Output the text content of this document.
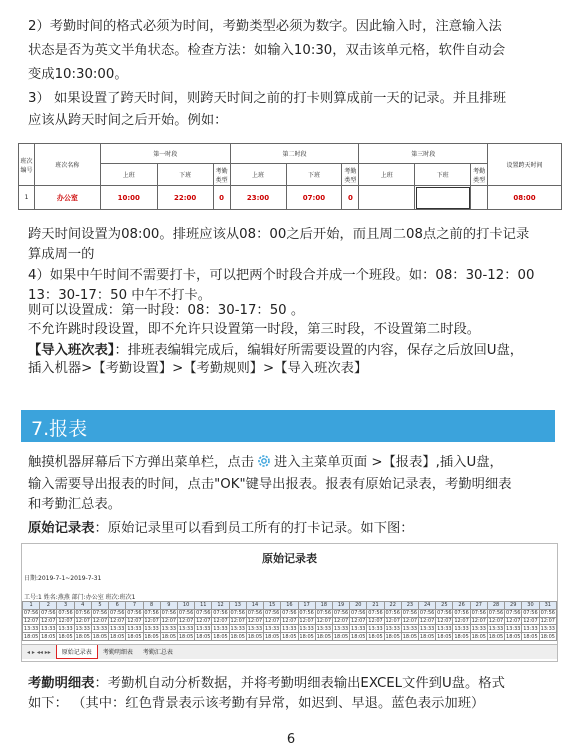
2）考勤时间的格式必须为时间，考勤类型必须为数字。因此输入时，注意输入法
状态是否为英文半角状态。检查方法：如输入10:30，双击该单元格，软件自动会
变成10:30:00。
3） 如果设置了跨天时间，则跨天时间之前的打卡则算成前一天的记录。并且排班
应该从跨天时间之后开始。例如：
班次编号	班次名称	第一时段			第二时段			第三时段			设置跨天时间
		上班	下班	考勤类型	上班	下班	考勤类型	上班	下班	考勤类型	
1	办公室	10:00	22:00	0	23:00	07:00	0				08:00
跨天时间设置为08:00。排班应该从08：00之后开始，而且周二08点之前的打卡记录
算成周一的
4）如果中午时间不需要打卡，可以把两个时段合并成一个班段。如：08：30-12：00
13：30-17：50 中午不打卡。
则可以设置成：第一时段：08：30-17：50 。
不允许跳时段设置，即不允许只设置第一时段，第三时段，不设置第二时段。
【导入班次表】：排班表编辑完成后，编辑好所需要设置的内容，保存之后放回U盘，
插入机器>【考勤设置】>【考勤规则】>【导入班次表】
7.报表
触摸机器屏幕后下方弹出菜单栏，点击 进入主菜单页面 >【报表】,插入U盘，
输入需要导出报表的时间，点击"OK"键导出报表。报表有原始记录表，考勤明细表
和考勤汇总表。
原始记录表：原始记录里可以看到员工所有的打卡记录。如下图：
原始记录表
日期:2019-7-1~2019-7-31
工号:1 姓名:燕燕 部门:办公室 班次:班次1
1	2	3	4	5	6	7	8	9	10	11	12	13	14	15	16	17	18	19	20	21	22	23	24	25	26	27	28	29	30	31
07:56	07:56	07:56	07:56	07:56	07:56	07:56	07:56	07:56	07:56	07:56	07:56	07:56	07:56	07:56	07:56	07:56	07:56	07:56	07:56	07:56	07:56	07:56	07:56	07:56	07:56	07:56	07:56	07:56	07:56	07:56
12:07	12:07	12:07	12:07	12:07	12:07	12:07	12:07	12:07	12:07	12:07	12:07	12:07	12:07	12:07	12:07	12:07	12:07	12:07	12:07	12:07	12:07	12:07	12:07	12:07	12:07	12:07	12:07	12:07	12:07	12:07
13:33	13:33	13:33	13:33	13:33	13:33	13:33	13:33	13:33	13:33	13:33	13:33	13:33	13:33	13:33	13:33	13:33	13:33	13:33	13:33	13:33	13:33	13:33	13:33	13:33	13:33	13:33	13:33	13:33	13:33	13:33
18:05	18:05	18:05	18:05	18:05	18:05	18:05	18:05	18:05	18:05	18:05	18:05	18:05	18:05	18:05	18:05	18:05	18:05	18:05	18:05	18:05	18:05	18:05	18:05	18:05	18:05	18:05	18:05	18:05	18:05	18:05
◂ ▸ ◂◂ ▸▸ 原始记录表 考勤明细表 考勤汇总表
考勤明细表：考勤机自动分析数据，并将考勤明细表输出EXCEL文件到U盘。格式
如下： （其中：红色背景表示该考勤有异常，如迟到、早退。蓝色表示加班）
6
